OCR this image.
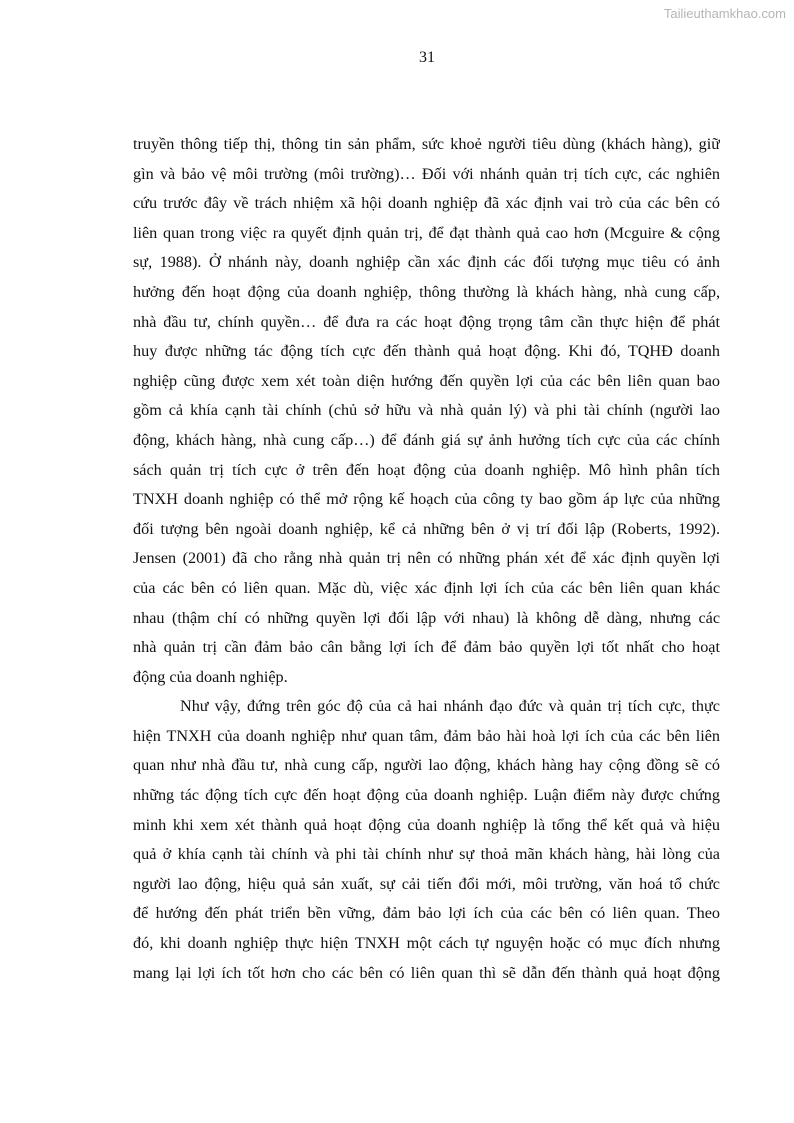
Tailieuthamkhao.com
31
truyền thông tiếp thị, thông tin sản phẩm, sức khoẻ người tiêu dùng (khách hàng), giữ
gìn và bảo vệ môi trường (môi trường)… Đối với nhánh quản trị tích cực, các nghiên
cứu trước đây về trách nhiệm xã hội doanh nghiệp đã xác định vai trò của các bên có
liên quan trong việc ra quyết định quản trị, để đạt thành quả cao hơn (Mcguire & cộng
sự, 1988). Ở nhánh này, doanh nghiệp cần xác định các đối tượng mục tiêu có ảnh
hưởng đến hoạt động của doanh nghiệp, thông thường là khách hàng, nhà cung cấp,
nhà đầu tư, chính quyền… để đưa ra các hoạt động trọng tâm cần thực hiện để phát
huy được những tác động tích cực đến thành quả hoạt động. Khi đó, TQHĐ doanh
nghiệp cũng được xem xét toàn diện hướng đến quyền lợi của các bên liên quan bao
gồm cả khía cạnh tài chính (chủ sở hữu và nhà quản lý) và phi tài chính (người lao
động, khách hàng, nhà cung cấp…) để đánh giá sự ảnh hưởng tích cực của các chính
sách quản trị tích cực ở trên đến hoạt động của doanh nghiệp. Mô hình phân tích
TNXH doanh nghiệp có thể mở rộng kế hoạch của công ty bao gồm áp lực của những
đối tượng bên ngoài doanh nghiệp, kể cả những bên ở vị trí đối lập (Roberts, 1992).
Jensen (2001) đã cho rằng nhà quản trị nên có những phán xét để xác định quyền lợi
của các bên có liên quan. Mặc dù, việc xác định lợi ích của các bên liên quan khác
nhau (thậm chí có những quyền lợi đối lập với nhau) là không dễ dàng, nhưng các
nhà quản trị cần đảm bảo cân bằng lợi ích để đảm bảo quyền lợi tốt nhất cho hoạt
động của doanh nghiệp.
Như vậy, đứng trên góc độ của cả hai nhánh đạo đức và quản trị tích cực, thực
hiện TNXH của doanh nghiệp như quan tâm, đảm bảo hài hoà lợi ích của các bên liên
quan như nhà đầu tư, nhà cung cấp, người lao động, khách hàng hay cộng đồng sẽ có
những tác động tích cực đến hoạt động của doanh nghiệp. Luận điểm này được chứng
minh khi xem xét thành quả hoạt động của doanh nghiệp là tổng thể kết quả và hiệu
quả ở khía cạnh tài chính và phi tài chính như sự thoả mãn khách hàng, hài lòng của
người lao động, hiệu quả sản xuất, sự cải tiến đổi mới, môi trường, văn hoá tổ chức
để hướng đến phát triển bền vững, đảm bảo lợi ích của các bên có liên quan. Theo
đó, khi doanh nghiệp thực hiện TNXH một cách tự nguyện hoặc có mục đích nhưng
mang lại lợi ích tốt hơn cho các bên có liên quan thì sẽ dẫn đến thành quả hoạt động
